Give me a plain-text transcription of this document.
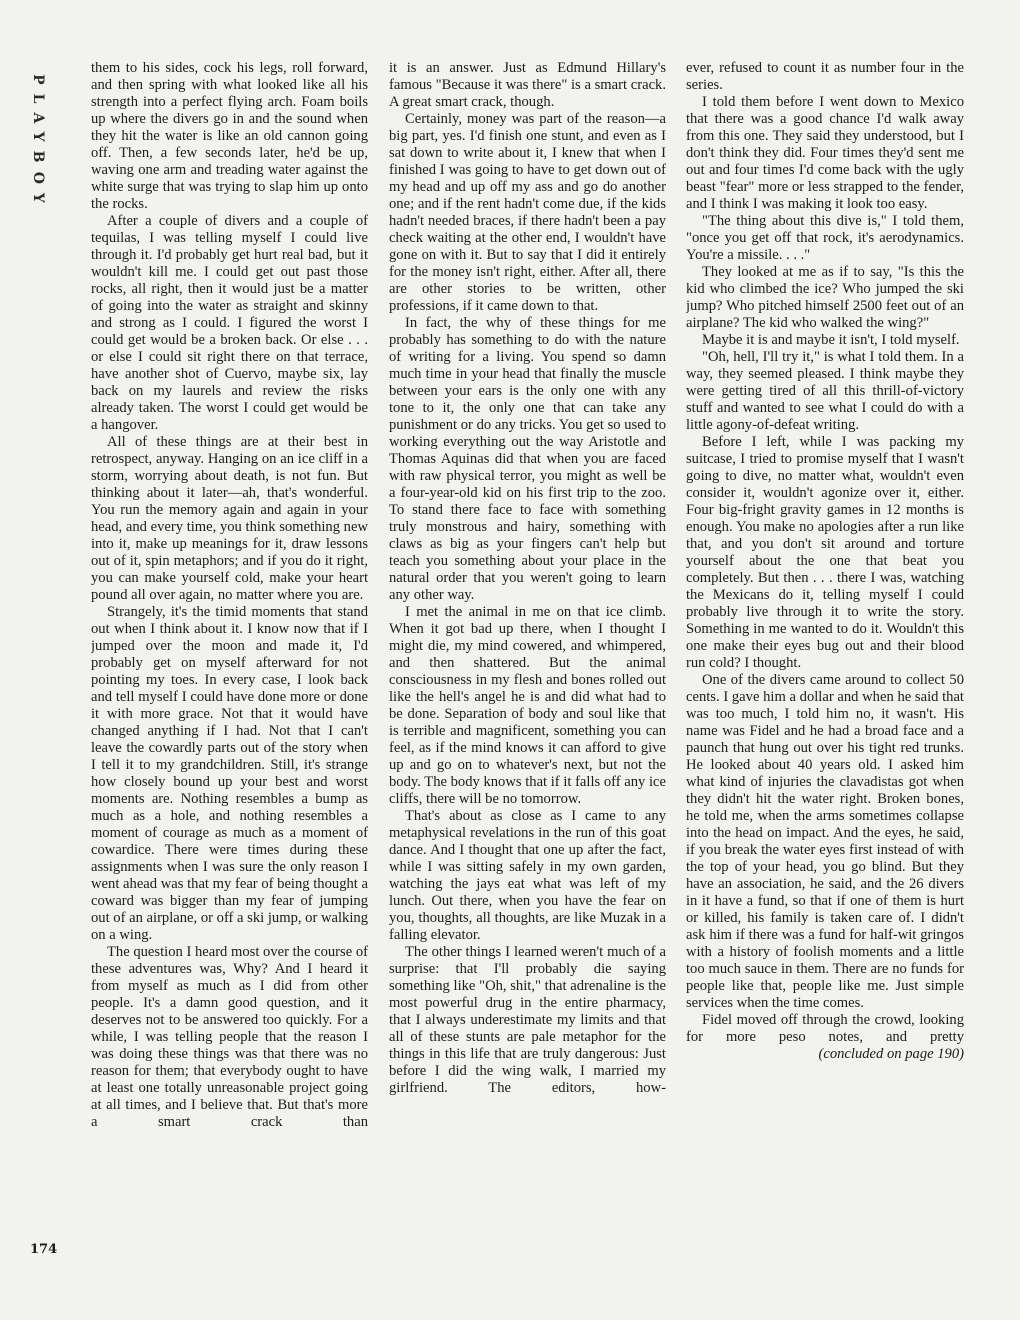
PLAYBOY

them to his sides, cock his legs, roll forward, and then spring with what looked like all his strength into a perfect flying arch. Foam boils up where the divers go in and the sound when they hit the water is like an old cannon going off. Then, a few seconds later, he'd be up, waving one arm and treading water against the white surge that was trying to slap him up onto the rocks.

After a couple of divers and a couple of tequilas, I was telling myself I could live through it. I'd probably get hurt real bad, but it wouldn't kill me. I could get out past those rocks, all right, then it would just be a matter of going into the water as straight and skinny and strong as I could. I figured the worst I could get would be a broken back. Or else . . . or else I could sit right there on that terrace, have another shot of Cuervo, maybe six, lay back on my laurels and review the risks already taken. The worst I could get would be a hangover.

All of these things are at their best in retrospect, anyway. Hanging on an ice cliff in a storm, worrying about death, is not fun. But thinking about it later—ah, that's wonderful. You run the memory again and again in your head, and every time, you think something new into it, make up meanings for it, draw lessons out of it, spin metaphors; and if you do it right, you can make yourself cold, make your heart pound all over again, no matter where you are.

Strangely, it's the timid moments that stand out when I think about it. I know now that if I jumped over the moon and made it, I'd probably get on myself afterward for not pointing my toes. In every case, I look back and tell myself I could have done more or done it with more grace. Not that it would have changed anything if I had. Not that I can't leave the cowardly parts out of the story when I tell it to my grandchildren. Still, it's strange how closely bound up your best and worst moments are. Nothing resembles a bump as much as a hole, and nothing resembles a moment of courage as much as a moment of cowardice. There were times during these assignments when I was sure the only reason I went ahead was that my fear of being thought a coward was bigger than my fear of jumping out of an airplane, or off a ski jump, or walking on a wing.

The question I heard most over the course of these adventures was, Why? And I heard it from myself as much as I did from other people. It's a damn good question, and it deserves not to be answered too quickly. For a while, I was telling people that the reason I was doing these things was that there was no reason for them; that everybody ought to have at least one totally unreasonable project going at all times, and I believe that. But that's more a smart crack than

it is an answer. Just as Edmund Hillary's famous "Because it was there" is a smart crack. A great smart crack, though.

Certainly, money was part of the reason—a big part, yes. I'd finish one stunt, and even as I sat down to write about it, I knew that when I finished I was going to have to get down out of my head and up off my ass and go do another one; and if the rent hadn't come due, if the kids hadn't needed braces, if there hadn't been a pay check waiting at the other end, I wouldn't have gone on with it. But to say that I did it entirely for the money isn't right, either. After all, there are other stories to be written, other professions, if it came down to that.

In fact, the why of these things for me probably has something to do with the nature of writing for a living. You spend so damn much time in your head that finally the muscle between your ears is the only one with any tone to it, the only one that can take any punishment or do any tricks. You get so used to working everything out the way Aristotle and Thomas Aquinas did that when you are faced with raw physical terror, you might as well be a four-year-old kid on his first trip to the zoo. To stand there face to face with something truly monstrous and hairy, something with claws as big as your fingers can't help but teach you something about your place in the natural order that you weren't going to learn any other way.

I met the animal in me on that ice climb. When it got bad up there, when I thought I might die, my mind cowered, and whimpered, and then shattered. But the animal consciousness in my flesh and bones rolled out like the hell's angel he is and did what had to be done. Separation of body and soul like that is terrible and magnificent, something you can feel, as if the mind knows it can afford to give up and go on to whatever's next, but not the body. The body knows that if it falls off any ice cliffs, there will be no tomorrow.

That's about as close as I came to any metaphysical revelations in the run of this goat dance. And I thought that one up after the fact, while I was sitting safely in my own garden, watching the jays eat what was left of my lunch. Out there, when you have the fear on you, thoughts, all thoughts, are like Muzak in a falling elevator.

The other things I learned weren't much of a surprise: that I'll probably die saying something like "Oh, shit," that adrenaline is the most powerful drug in the entire pharmacy, that I always underestimate my limits and that all of these stunts are pale metaphor for the things in this life that are truly dangerous: Just before I did the wing walk, I married my girlfriend. The editors, how-

ever, refused to count it as number four in the series.

I told them before I went down to Mexico that there was a good chance I'd walk away from this one. They said they understood, but I don't think they did. Four times they'd sent me out and four times I'd come back with the ugly beast "fear" more or less strapped to the fender, and I think I was making it look too easy.

"The thing about this dive is," I told them, "once you get off that rock, it's aerodynamics. You're a missile. . . ."

They looked at me as if to say, "Is this the kid who climbed the ice? Who jumped the ski jump? Who pitched himself 2500 feet out of an airplane? The kid who walked the wing?"

Maybe it is and maybe it isn't, I told myself.

"Oh, hell, I'll try it," is what I told them. In a way, they seemed pleased. I think maybe they were getting tired of all this thrill-of-victory stuff and wanted to see what I could do with a little agony-of-defeat writing.

Before I left, while I was packing my suitcase, I tried to promise myself that I wasn't going to dive, no matter what, wouldn't even consider it, wouldn't agonize over it, either. Four big-fright gravity games in 12 months is enough. You make no apologies after a run like that, and you don't sit around and torture yourself about the one that beat you completely. But then . . . there I was, watching the Mexicans do it, telling myself I could probably live through it to write the story. Something in me wanted to do it. Wouldn't this one make their eyes bug out and their blood run cold? I thought.

One of the divers came around to collect 50 cents. I gave him a dollar and when he said that was too much, I told him no, it wasn't. His name was Fidel and he had a broad face and a paunch that hung out over his tight red trunks. He looked about 40 years old. I asked him what kind of injuries the clavadistas got when they didn't hit the water right. Broken bones, he told me, when the arms sometimes collapse into the head on impact. And the eyes, he said, if you break the water eyes first instead of with the top of your head, you go blind. But they have an association, he said, and the 26 divers in it have a fund, so that if one of them is hurt or killed, his family is taken care of. I didn't ask him if there was a fund for half-wit gringos with a history of foolish moments and a little too much sauce in them. There are no funds for people like that, people like me. Just simple services when the time comes.

Fidel moved off through the crowd, looking for more peso notes, and pretty

(concluded on page 190)

174
